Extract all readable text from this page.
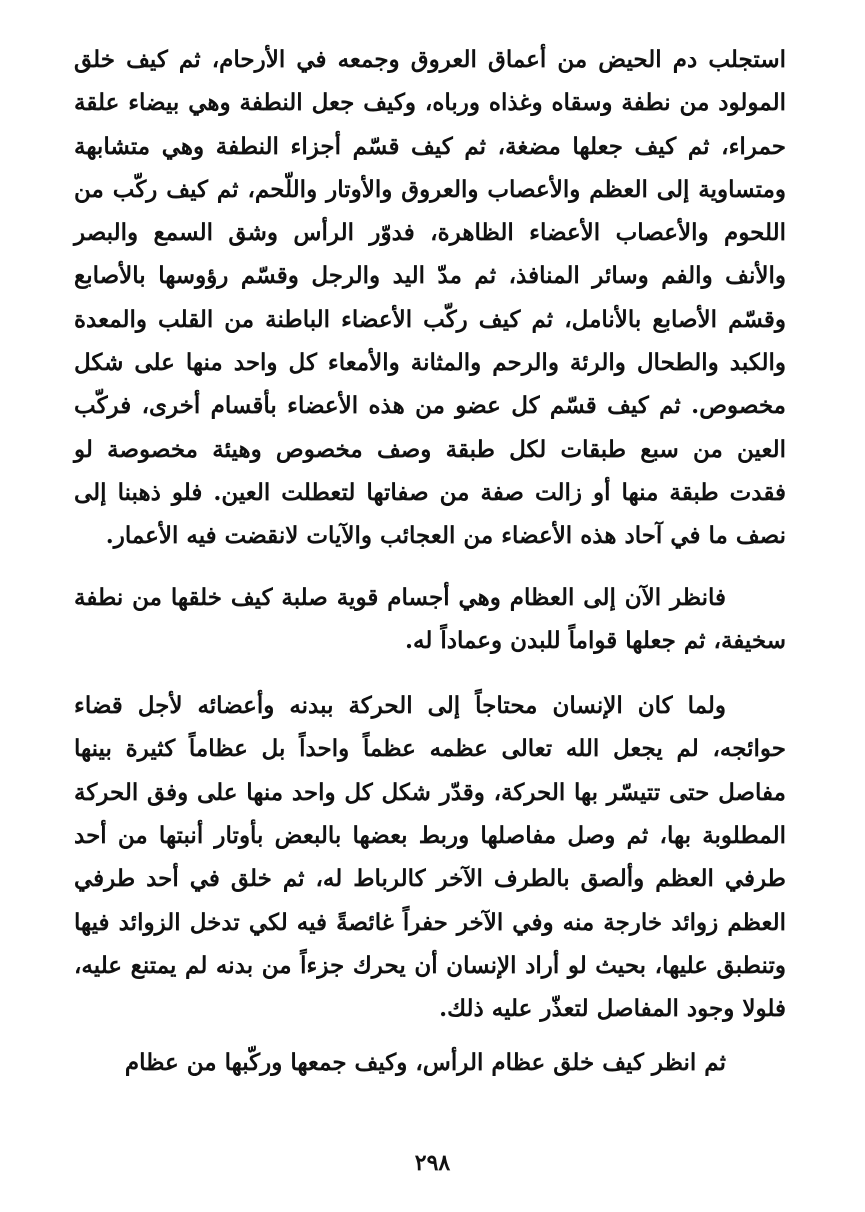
استجلب دم الحيض من أعماق العروق وجمعه في الأرحام، ثم كيف خلق المولود من نطفة وسقاه وغذاه ورباه، وكيف جعل النطفة وهي بيضاء علقة حمراء، ثم كيف جعلها مضغة، ثم كيف قسّم أجزاء النطفة وهي متشابهة ومتساوية إلى العظم والأعصاب والعروق والأوتار واللّحم، ثم كيف ركّب من اللحوم والأعصاب الأعضاء الظاهرة، فدوّر الرأس وشق السمع والبصر والأنف والفم وسائر المنافذ، ثم مدّ اليد والرجل وقسّم رؤوسها بالأصابع وقسّم الأصابع بالأنامل، ثم كيف ركّب الأعضاء الباطنة من القلب والمعدة والكبد والطحال والرئة والرحم والمثانة والأمعاء كل واحد منها على شكل مخصوص. ثم كيف قسّم كل عضو من هذه الأعضاء بأقسام أخرى، فركّب العين من سبع طبقات لكل طبقة وصف مخصوص وهيئة مخصوصة لو فقدت طبقة منها أو زالت صفة من صفاتها لتعطلت العين. فلو ذهبنا إلى نصف ما في آحاد هذه الأعضاء من العجائب والآيات لانقضت فيه الأعمار.

فانظر الآن إلى العظام وهي أجسام قوية صلبة كيف خلقها من نطفة سخيفة، ثم جعلها قواماً للبدن وعماداً له.

ولما كان الإنسان محتاجاً إلى الحركة ببدنه وأعضائه لأجل قضاء حوائجه، لم يجعل الله تعالى عظمه عظماً واحداً بل عظاماً كثيرة بينها مفاصل حتى تتيسّر بها الحركة، وقدّر شكل كل واحد منها على وفق الحركة المطلوبة بها، ثم وصل مفاصلها وربط بعضها بالبعض بأوتار أنبتها من أحد طرفي العظم وألصق بالطرف الآخر كالرباط له، ثم خلق في أحد طرفي العظم زوائد خارجة منه وفي الآخر حفراً غائصةً فيه لكي تدخل الزوائد فيها وتنطبق عليها، بحيث لو أراد الإنسان أن يحرك جزءاً من بدنه لم يمتنع عليه، فلولا وجود المفاصل لتعذّر عليه ذلك.

ثم انظر كيف خلق عظام الرأس، وكيف جمعها وركّبها من عظام

٢٩٨
